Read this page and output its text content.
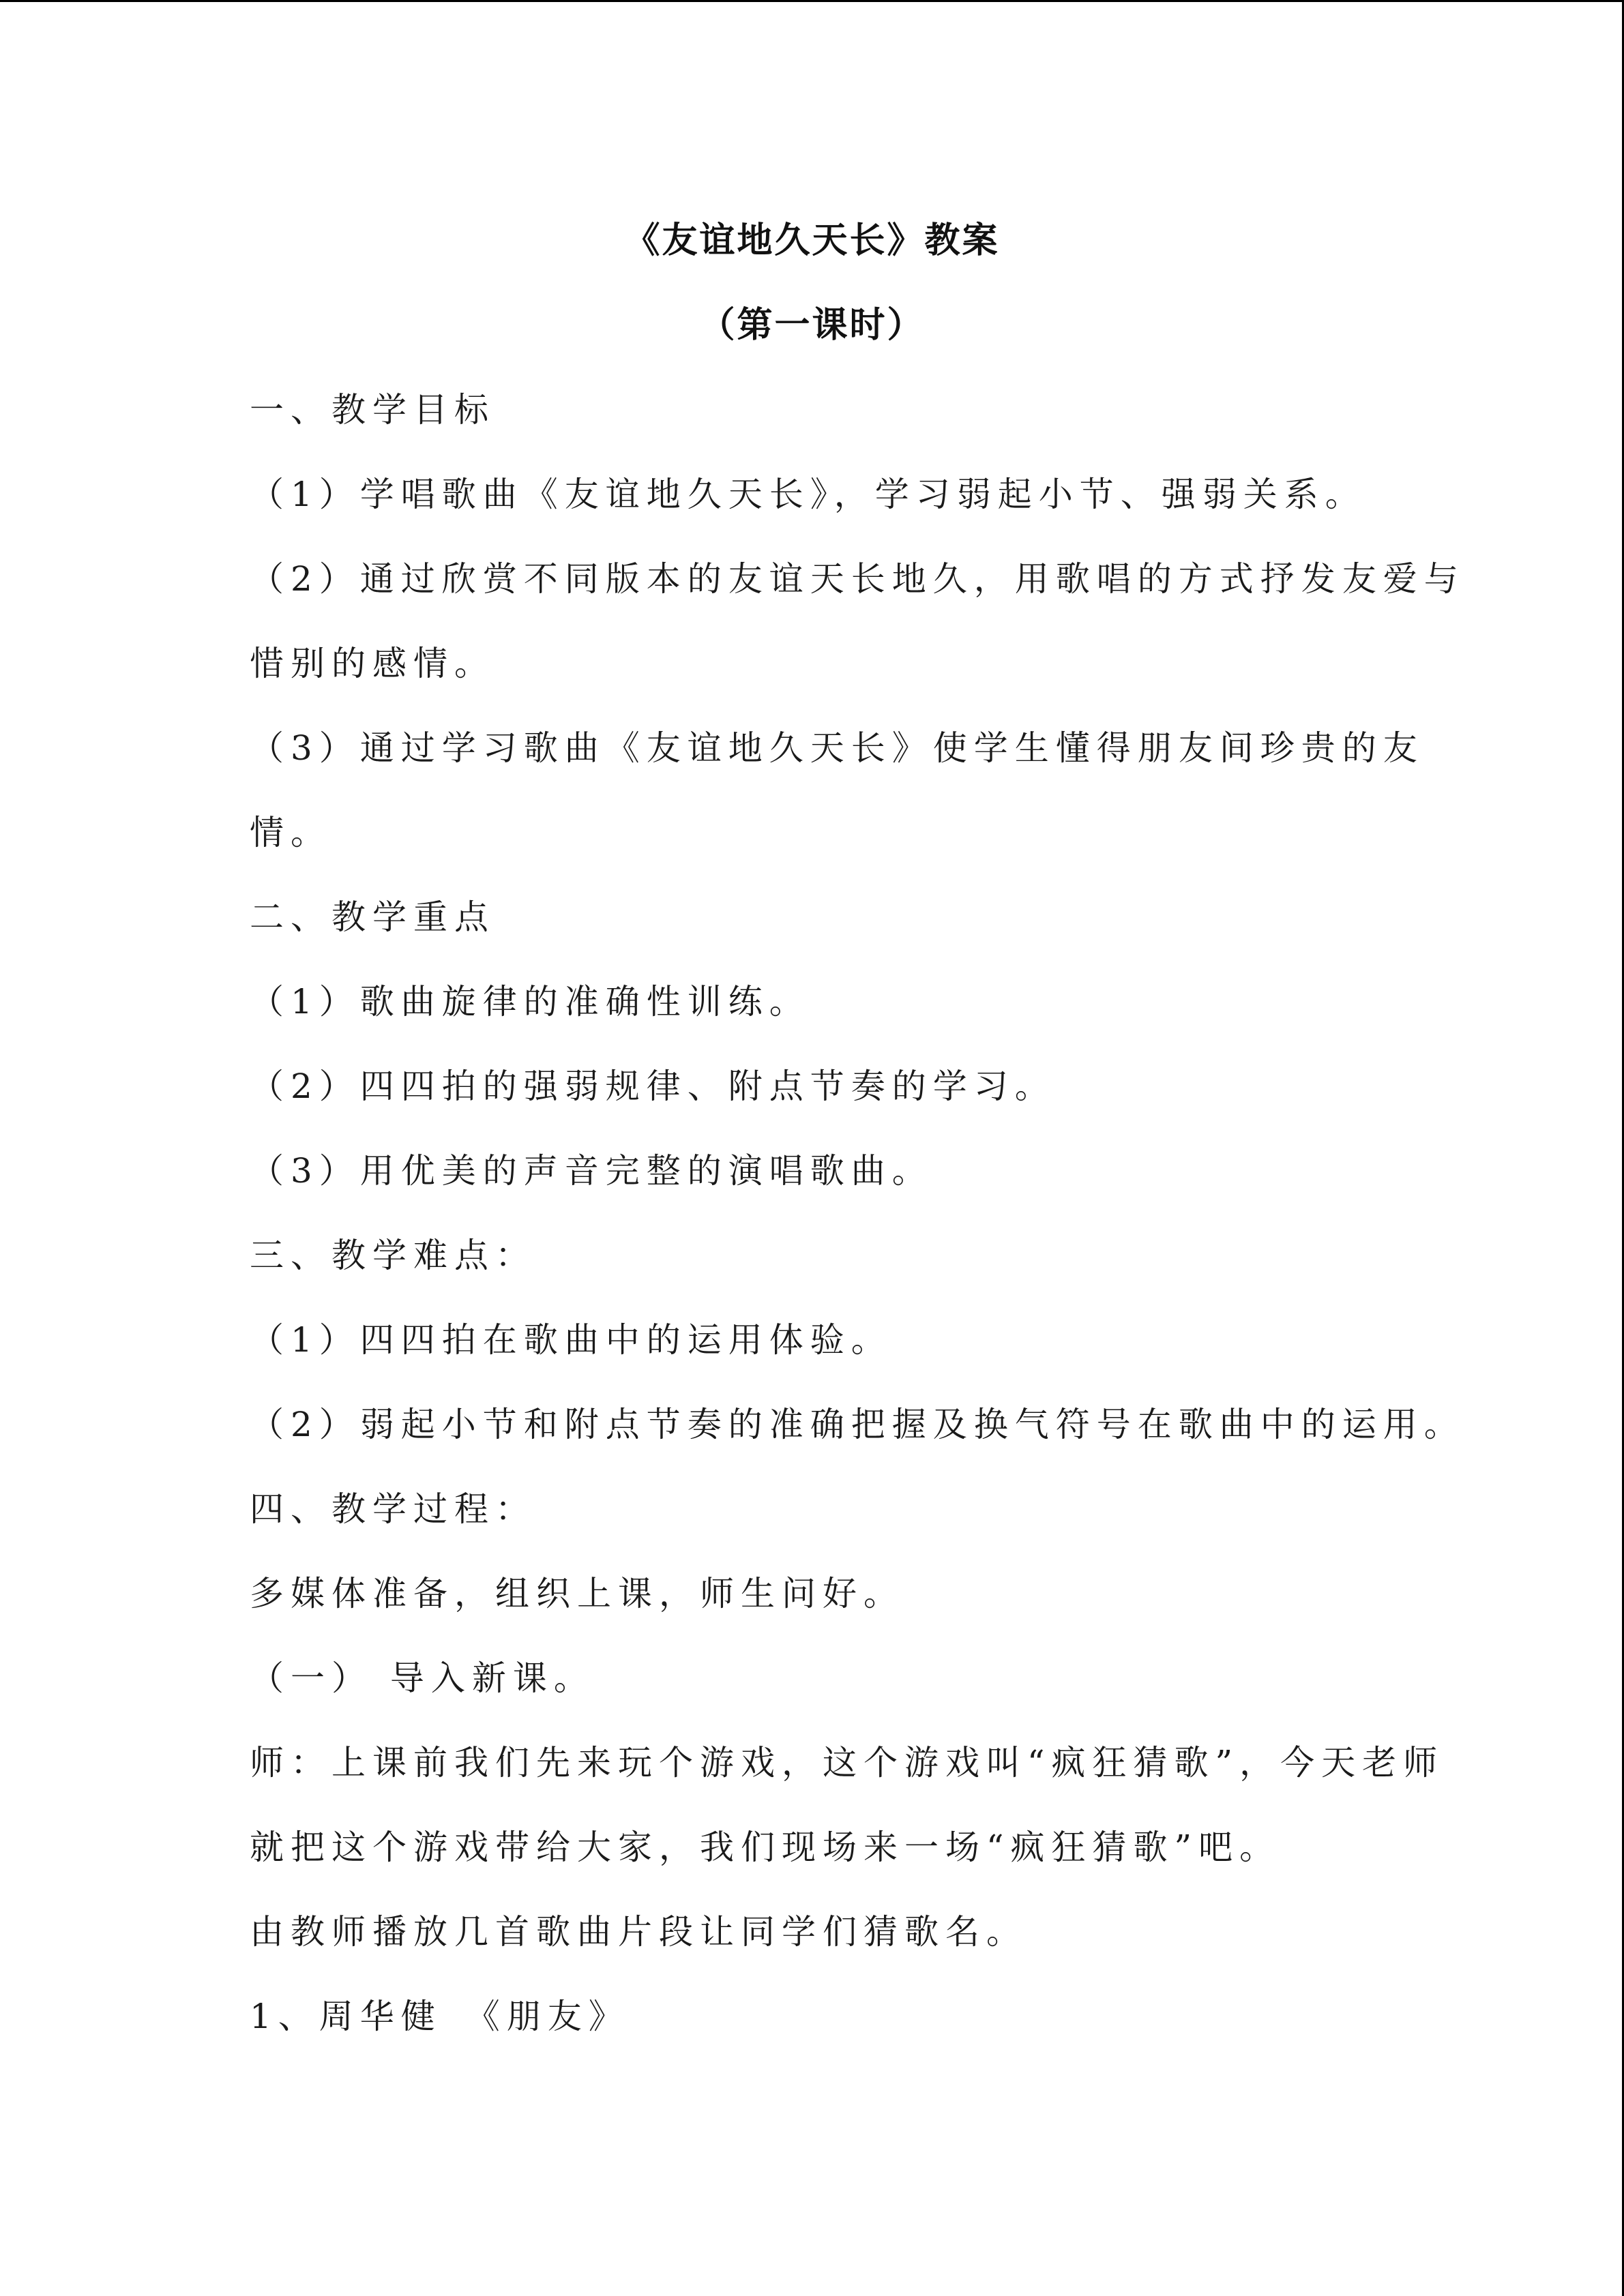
《友谊地久天长》教案
（第一课时）

一、教学目标

（1）学唱歌曲《友谊地久天长》，学习弱起小节、强弱关系。

（2）通过欣赏不同版本的友谊天长地久，用歌唱的方式抒发友爱与

惜别的感情。

（3）通过学习歌曲《友谊地久天长》使学生懂得朋友间珍贵的友

情。

二、教学重点

（1）歌曲旋律的准确性训练。

（2）四四拍的强弱规律、附点节奏的学习。

（3）用优美的声音完整的演唱歌曲。

三、教学难点：

（1）四四拍在歌曲中的运用体验。

（2）弱起小节和附点节奏的准确把握及换气符号在歌曲中的运用。

四、教学过程：

多媒体准备，组织上课，师生问好。

（一） 导入新课。

师：上课前我们先来玩个游戏，这个游戏叫“疯狂猜歌”，今天老师

就把这个游戏带给大家，我们现场来一场“疯狂猜歌”吧。

由教师播放几首歌曲片段让同学们猜歌名。

1、周华健　《朋友》
